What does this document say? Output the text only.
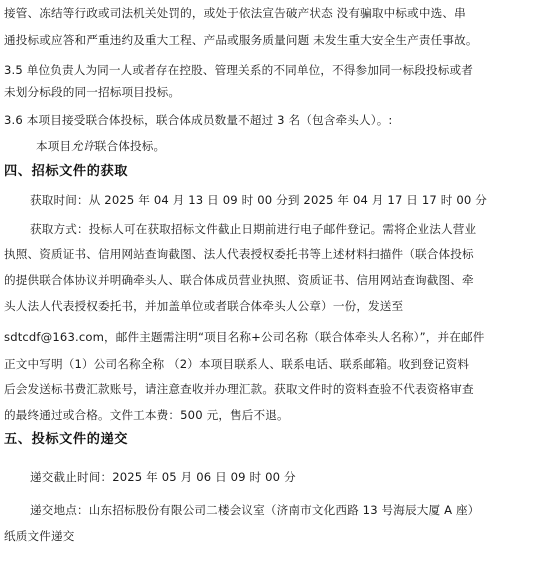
接管、冻结等行政或司法机关处罚的，或处于依法宣告破产状态 没有骗取中标或中选、串
通投标或应答和严重违约及重大工程、产品或服务质量问题 未发生重大安全生产责任事故。
3.5 单位负责人为同一人或者存在控股、管理关系的不同单位，不得参加同一标段投标或者
未划分标段的同一招标项目投标。
3.6 本项目接受联合体投标，联合体成员数量不超过 3 名（包含牵头人）。:
本项目允许联合体投标。
四、招标文件的获取
获取时间：从 2025 年 04 月 13 日 09 时 00 分到 2025 年 04 月 17 日 17 时 00 分
获取方式：投标人可在获取招标文件截止日期前进行电子邮件登记。需将企业法人营业
执照、资质证书、信用网站查询截图、法人代表授权委托书等上述材料扫描件（联合体投标
的提供联合体协议并明确牵头人、联合体成员营业执照、资质证书、信用网站查询截图、牵
头人法人代表授权委托书，并加盖单位或者联合体牵头人公章）一份，发送至
sdtcdf@163.com，邮件主题需注明“项目名称+公司名称（联合体牵头人名称）”，并在邮件
正文中写明（1）公司名称全称 （2）本项目联系人、联系电话、联系邮箱。收到登记资料
后会发送标书费汇款账号，请注意查收并办理汇款。获取文件时的资料查验不代表资格审查
的最终通过或合格。文件工本费：500 元，售后不退。
五、投标文件的递交
递交截止时间：2025 年 05 月 06 日 09 时 00 分
递交地点：山东招标股份有限公司二楼会议室（济南市文化西路 13 号海辰大厦 A 座）
纸质文件递交
